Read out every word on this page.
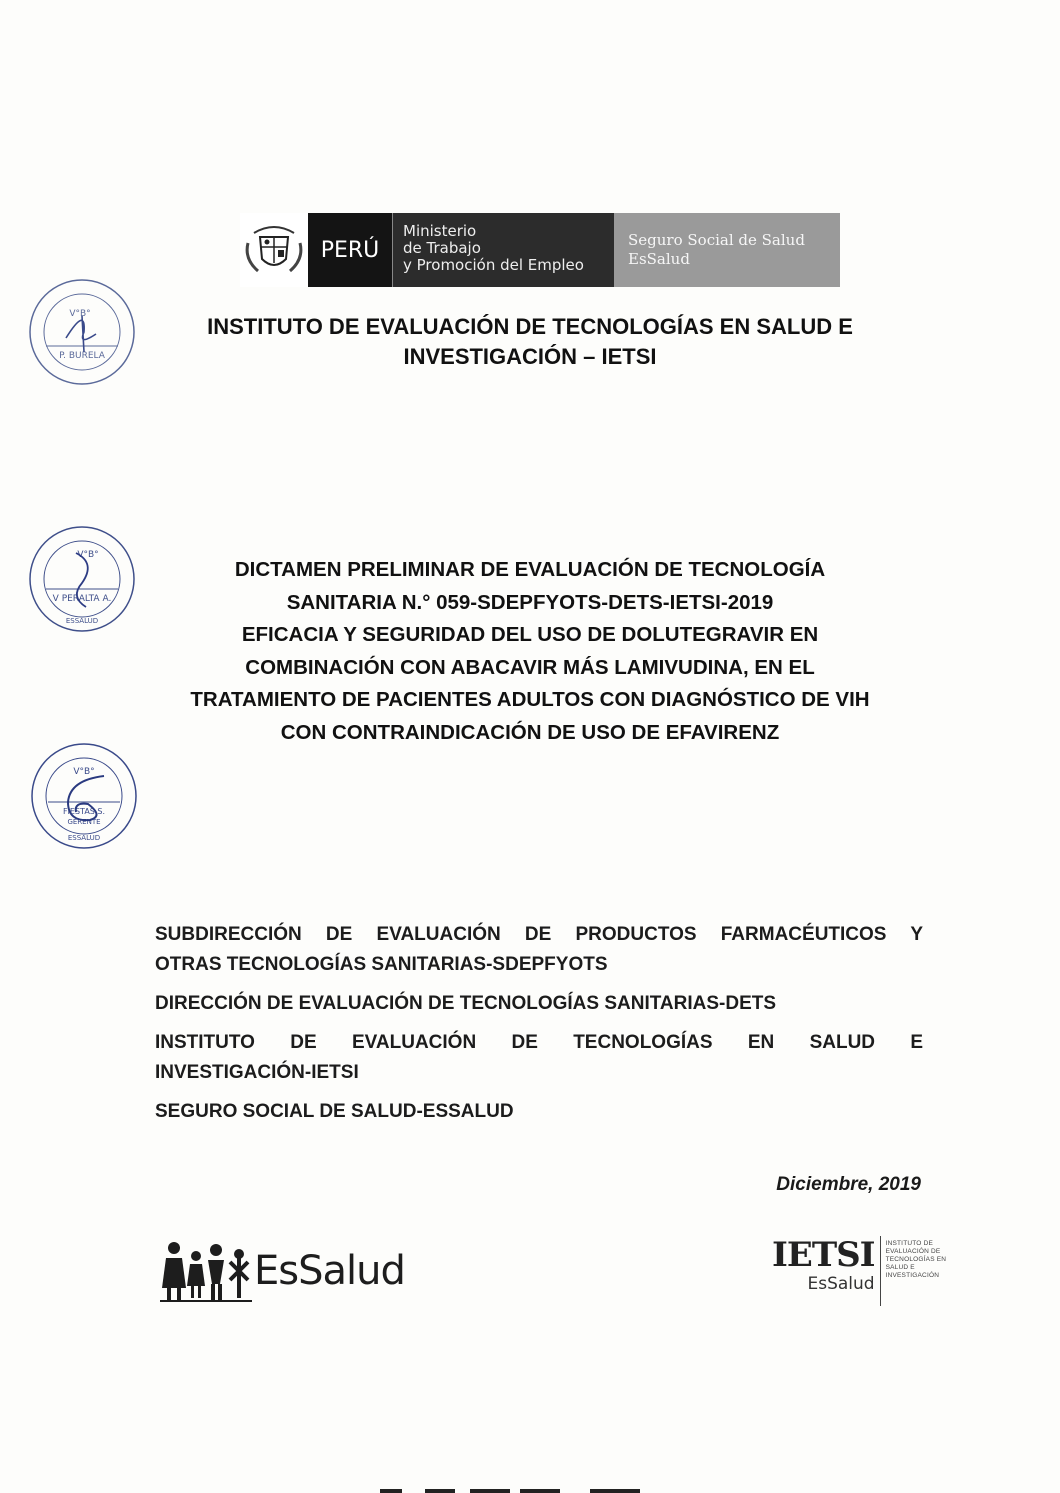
PERÚ
Ministerio
de Trabajo
y Promoción del Empleo
Seguro Social de Salud
EsSalud
INSTITUTO DE EVALUACIÓN DE TECNOLOGÍAS EN SALUD E
INVESTIGACIÓN – IETSI
DICTAMEN PRELIMINAR DE EVALUACIÓN DE TECNOLOGÍA
SANITARIA N.° 059-SDEPFYOTS-DETS-IETSI-2019
EFICACIA Y SEGURIDAD DEL USO DE DOLUTEGRAVIR EN
COMBINACIÓN CON ABACAVIR MÁS LAMIVUDINA, EN EL
TRATAMIENTO DE PACIENTES ADULTOS CON DIAGNÓSTICO DE VIH
CON CONTRAINDICACIÓN DE USO DE EFAVIRENZ
V°B°
P. BURELA
V°B°
V PERALTA A.
ESSALUD
V°B°
FIESTAS S.
GERENTE
ESSALUD

SUBDIRECCIÓN DE EVALUACIÓN DE PRODUCTOS FARMACÉUTICOS Y
OTRAS TECNOLOGÍAS SANITARIAS-SDEPFYOTS

DIRECCIÓN DE EVALUACIÓN DE TECNOLOGÍAS SANITARIAS-DETS

INSTITUTO DE EVALUACIÓN DE TECNOLOGÍAS EN SALUD E
INVESTIGACIÓN-IETSI

SEGURO SOCIAL DE SALUD-ESSALUD

Diciembre, 2019
EsSalud	IETSI
EsSalud
INSTITUTO DE
EVALUACIÓN DE
TECNOLOGÍAS EN
SALUD E
INVESTIGACIÓN
